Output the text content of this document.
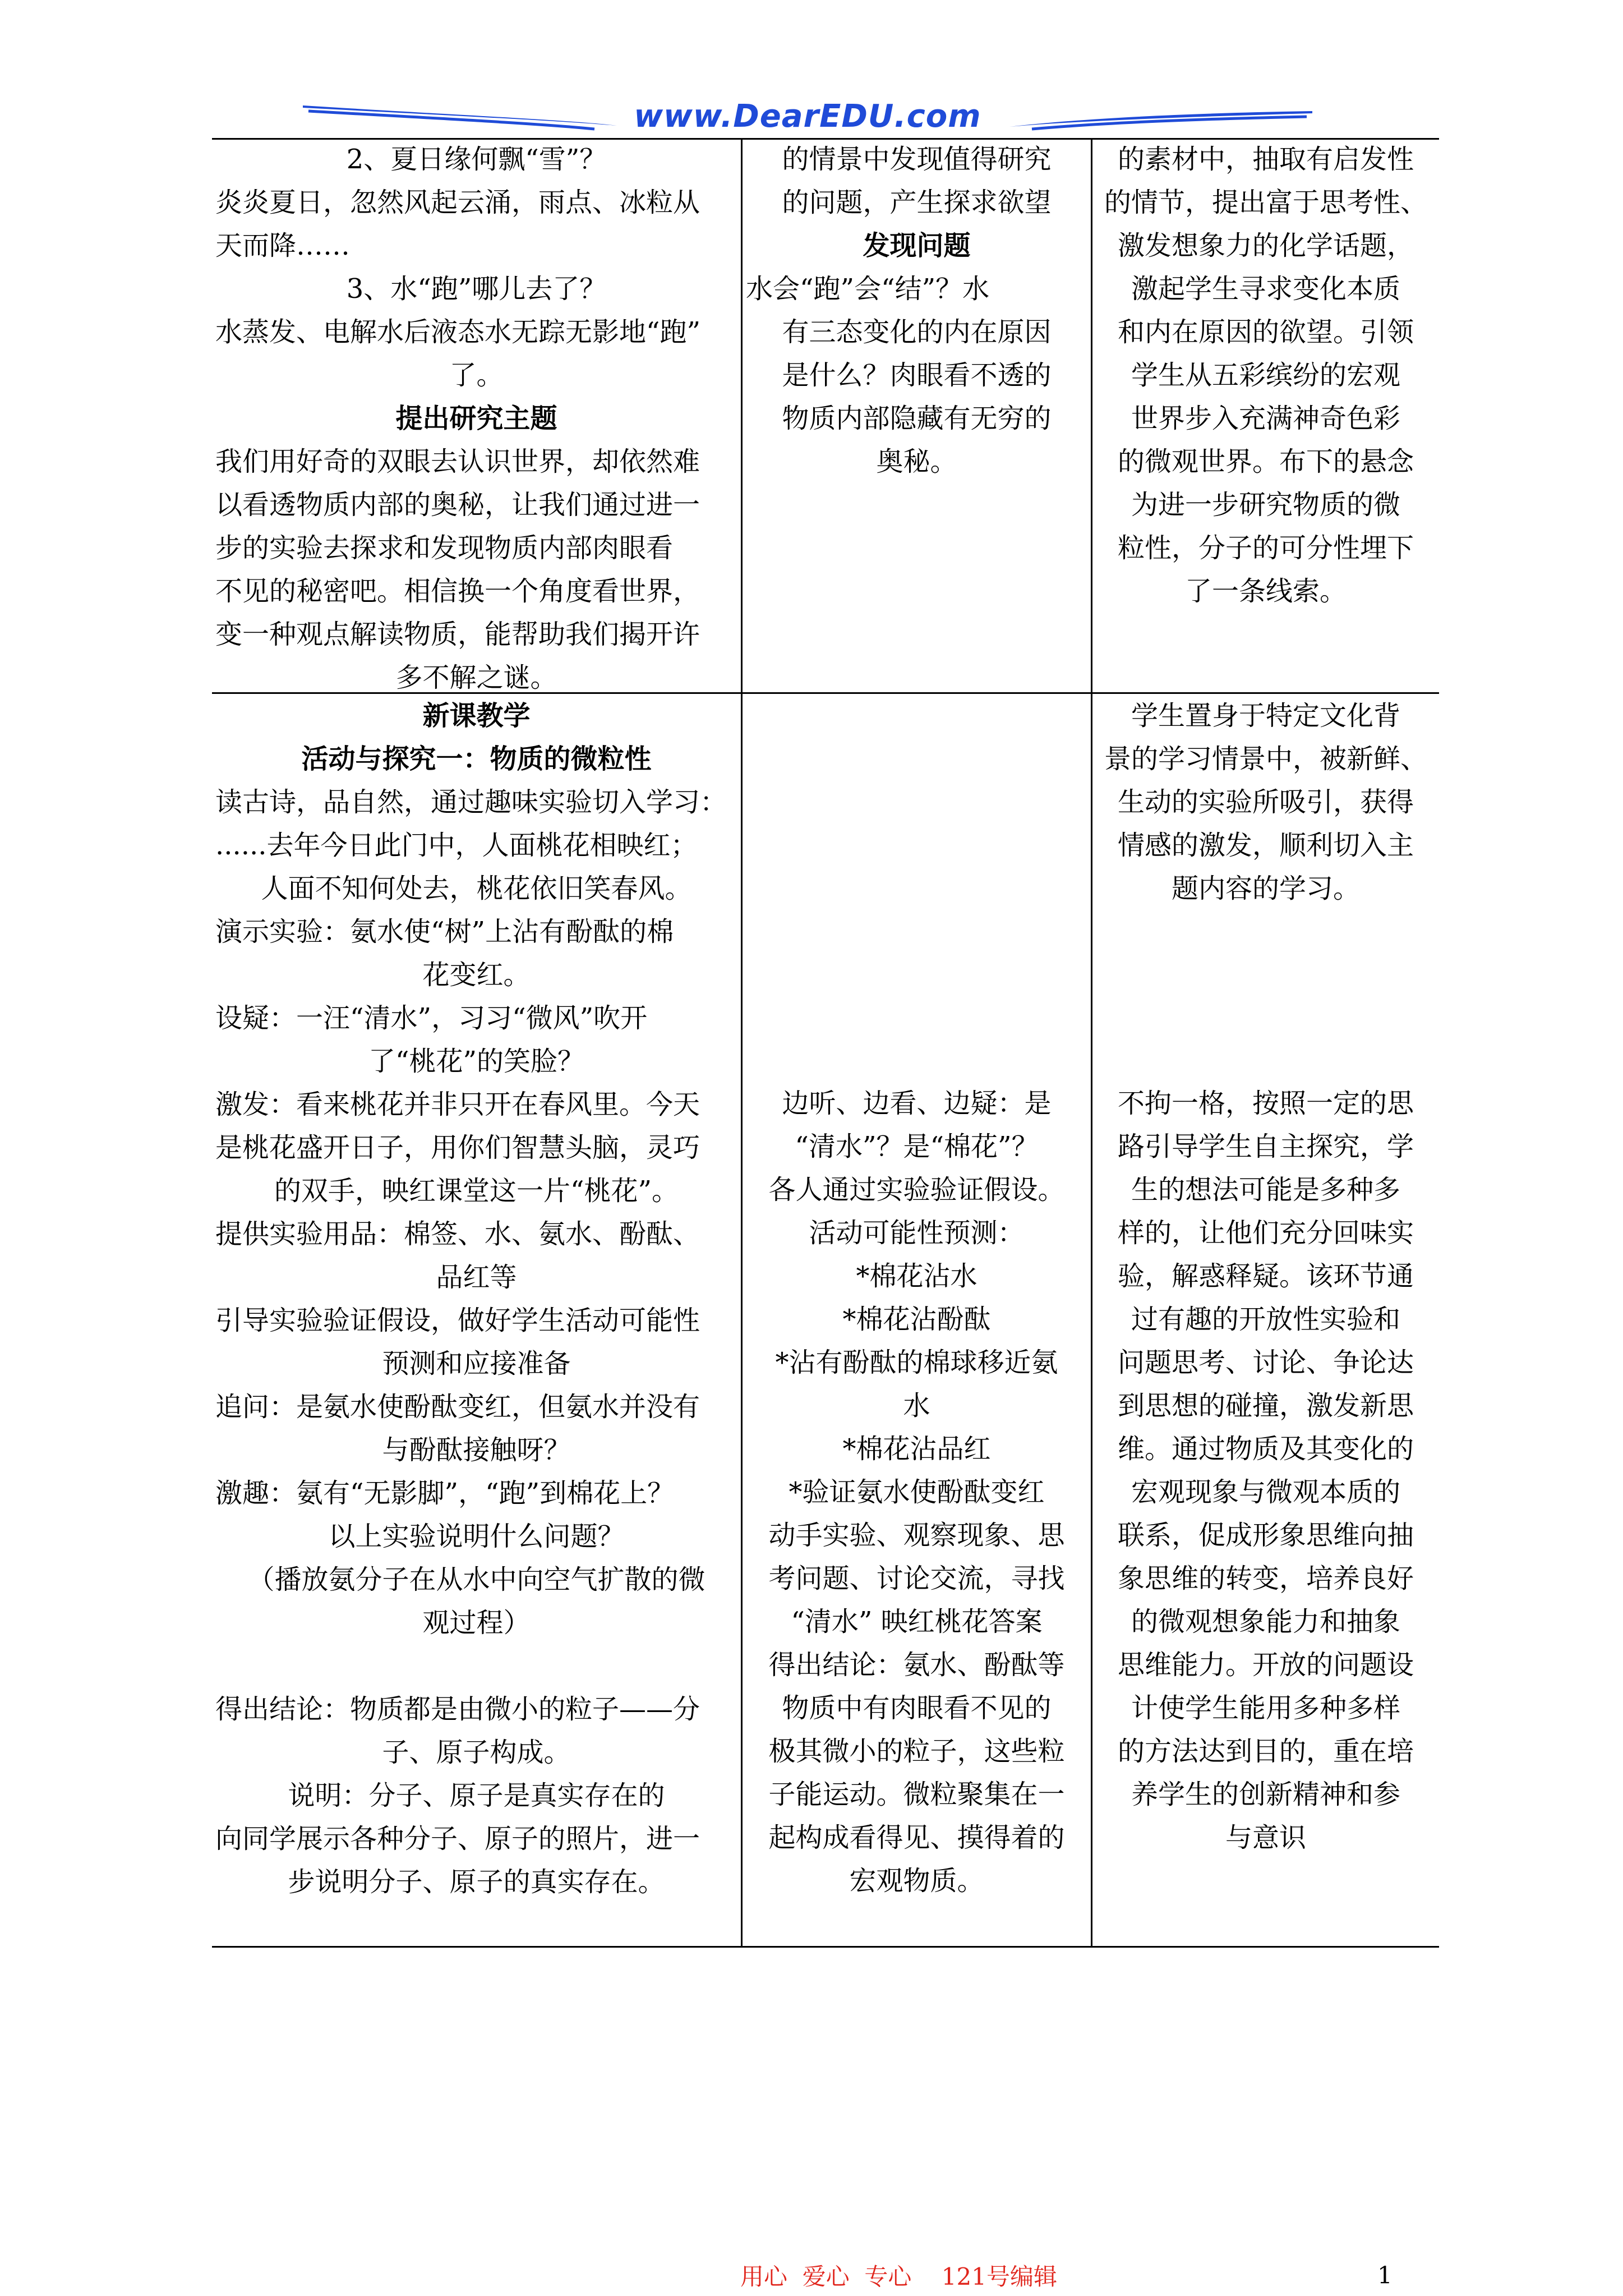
www.DearEDU.com

2、夏日缘何飘“雪”？

炎炎夏日，忽然风起云涌，雨点、冰粒从

天而降……

3、水“跑”哪儿去了？

水蒸发、电解水后液态水无踪无影地“跑”

了。

提出研究主题

我们用好奇的双眼去认识世界，却依然难

以看透物质内部的奥秘，让我们通过进一

步的实验去探求和发现物质内部肉眼看

不见的秘密吧。相信换一个角度看世界，

变一种观点解读物质，能帮助我们揭开许

多不解之谜。

的情景中发现值得研究

的问题，产生探求欲望

发现问题

水会“跑”会“结”？水

有三态变化的内在原因

是什么？肉眼看不透的

物质内部隐藏有无穷的

奥秘。

的素材中，抽取有启发性

的情节，提出富于思考性、

激发想象力的化学话题，

激起学生寻求变化本质

和内在原因的欲望。引领

学生从五彩缤纷的宏观

世界步入充满神奇色彩

的微观世界。布下的悬念

为进一步研究物质的微

粒性，分子的可分性埋下

了一条线索。

新课教学

活动与探究一：物质的微粒性

读古诗，品自然，通过趣味实验切入学习：

......去年今日此门中，人面桃花相映红；

人面不知何处去，桃花依旧笑春风。

演示实验：氨水使“树”上沾有酚酞的棉

花变红。

设疑：一汪“清水”，习习“微风”吹开

了“桃花”的笑脸？

激发：看来桃花并非只开在春风里。今天

是桃花盛开日子，用你们智慧头脑，灵巧

的双手，映红课堂这一片“桃花”。

提供实验用品：棉签、水、氨水、酚酞、

品红等

引导实验验证假设，做好学生活动可能性

预测和应接准备

追问：是氨水使酚酞变红，但氨水并没有

与酚酞接触呀？

激趣：氨有“无影脚”，“跑”到棉花上？

以上实验说明什么问题？

（播放氨分子在从水中向空气扩散的微

观过程）

得出结论：物质都是由微小的粒子——分

子、原子构成。

说明：分子、原子是真实存在的

向同学展示各种分子、原子的照片，进一

步说明分子、原子的真实存在。

边听、边看、边疑：是

“清水”？是“棉花”？

各人通过实验验证假设。

活动可能性预测：

*棉花沾水

*棉花沾酚酞

*沾有酚酞的棉球移近氨

水

*棉花沾品红

*验证氨水使酚酞变红

动手实验、观察现象、思

考问题、讨论交流，寻找

“清水” 映红桃花答案

得出结论：氨水、酚酞等

物质中有肉眼看不见的

极其微小的粒子，这些粒

子能运动。微粒聚集在一

起构成看得见、摸得着的

宏观物质。

学生置身于特定文化背

景的学习情景中，被新鲜、

生动的实验所吸引，获得

情感的激发，顺利切入主

题内容的学习。

不拘一格，按照一定的思

路引导学生自主探究，学

生的想法可能是多种多

样的，让他们充分回味实

验，解惑释疑。该环节通

过有趣的开放性实验和

问题思考、讨论、争论达

到思想的碰撞，激发新思

维。通过物质及其变化的

宏观现象与微观本质的

联系，促成形象思维向抽

象思维的转变，培养良好

的微观想象能力和抽象

思维能力。开放的问题设

计使学生能用多种多样

的方法达到目的，重在培

养学生的创新精神和参

与意识

用心  爱心  专心    121号编辑	1
